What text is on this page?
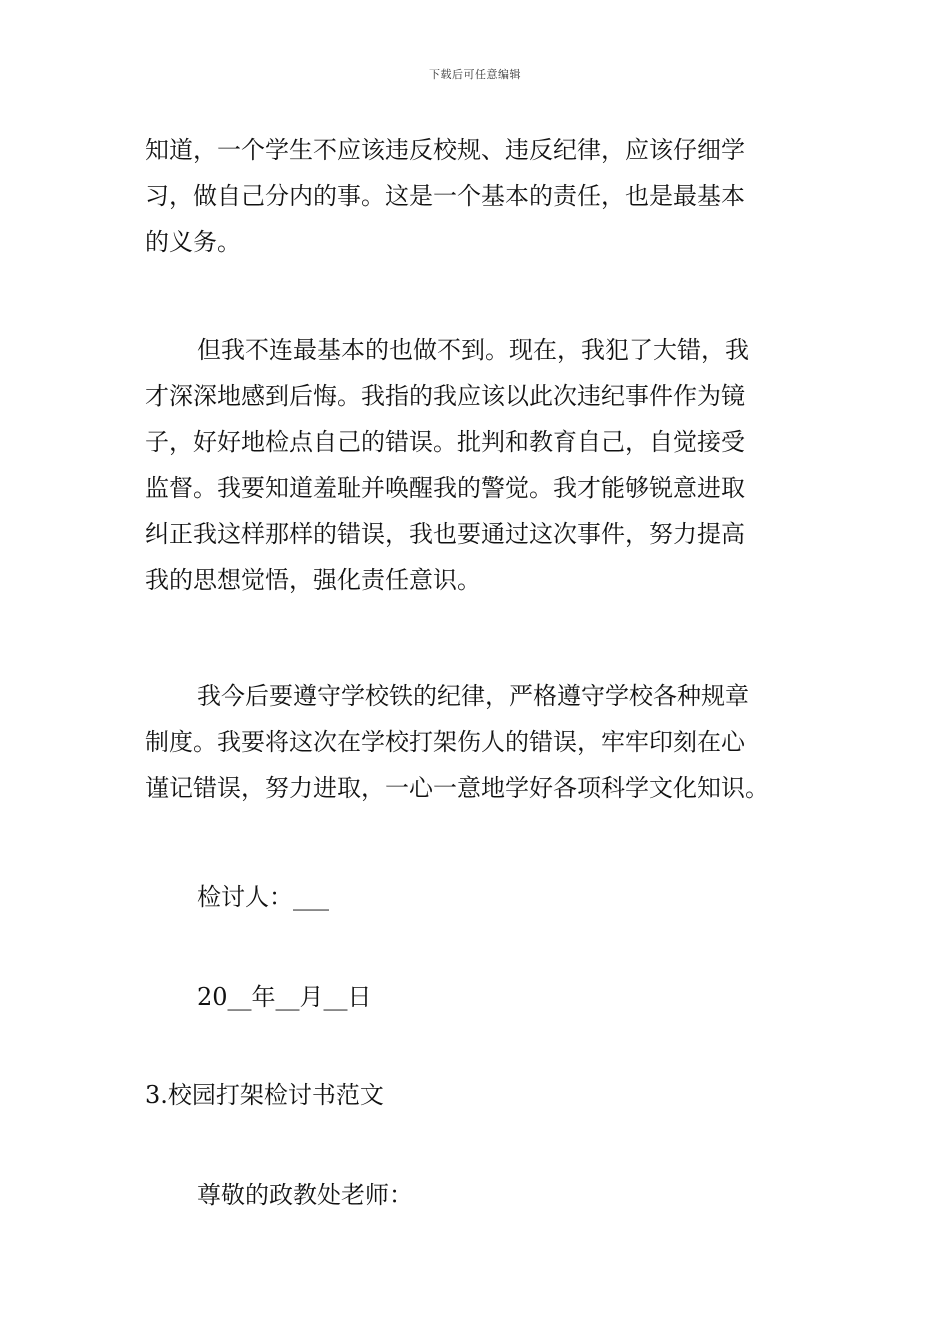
下载后可任意编辑
知道，一个学生不应该违反校规、违反纪律，应该仔细学
习，做自己分内的事。这是一个基本的责任，也是最基本
的义务。
但我不连最基本的也做不到。现在，我犯了大错，我
才深深地感到后悔。我指的我应该以此次违纪事件作为镜
子，好好地检点自己的错误。批判和教育自己，自觉接受
监督。我要知道羞耻并唤醒我的警觉。我才能够锐意进取
纠正我这样那样的错误，我也要通过这次事件，努力提高
我的思想觉悟，强化责任意识。
我今后要遵守学校铁的纪律，严格遵守学校各种规章
制度。我要将这次在学校打架伤人的错误，牢牢印刻在心
谨记错误，努力进取，一心一意地学好各项科学文化知识。
检讨人：___
20__年__月__日
3.校园打架检讨书范文
尊敬的政教处老师：
